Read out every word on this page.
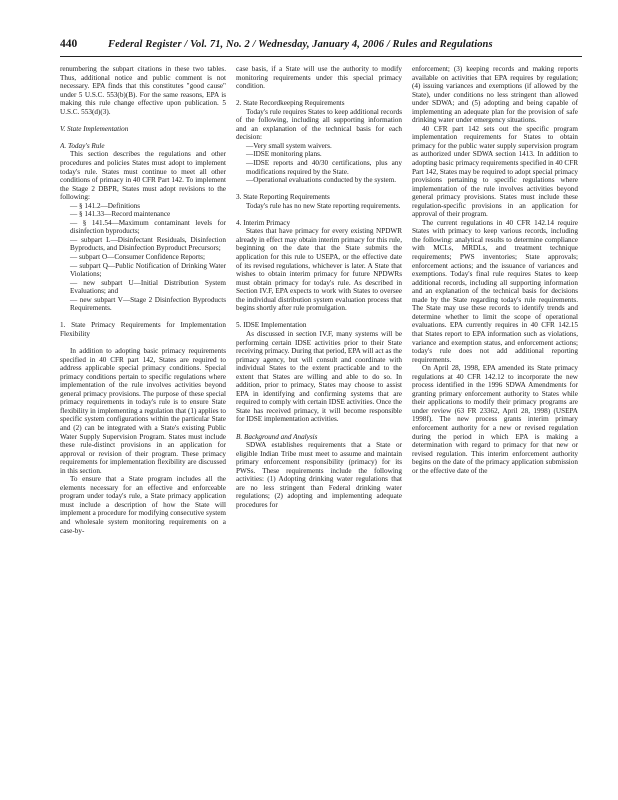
440	Federal Register / Vol. 71, No. 2 / Wednesday, January 4, 2006 / Rules and Regulations

renumbering the subpart citations in these two tables. Thus, additional notice and public comment is not necessary. EPA finds that this constitutes "good cause" under 5 U.S.C. 553(b)(B). For the same reasons, EPA is making this rule change effective upon publication. 5 U.S.C. 553(d)(3).

V. State Implementation

A. Today's Rule

This section describes the regulations and other procedures and policies States must adopt to implement today's rule. States must continue to meet all other conditions of primacy in 40 CFR Part 142. To implement the Stage 2 DBPR, States must adopt revisions to the following:

— § 141.2—Definitions

— § 141.33—Record maintenance

— § 141.54—Maximum contaminant levels for disinfection byproducts;

— subpart L—Disinfectant Residuals, Disinfection Byproducts, and Disinfection Byproduct Precursors;

— subpart O—Consumer Confidence Reports;

— subpart Q—Public Notification of Drinking Water Violations;

— new subpart U—Initial Distribution System Evaluations; and

— new subpart V—Stage 2 Disinfection Byproducts Requirements.

1. State Primacy Requirements for Implementation Flexibility

In addition to adopting basic primacy requirements specified in 40 CFR part 142, States are required to address applicable special primacy conditions. Special primacy conditions pertain to specific regulations where implementation of the rule involves activities beyond general primacy provisions. The purpose of these special primacy requirements in today's rule is to ensure State flexibility in implementing a regulation that (1) applies to specific system configurations within the particular State and (2) can be integrated with a State's existing Public Water Supply Supervision Program. States must include these rule-distinct provisions in an application for approval or revision of their program. These primacy requirements for implementation flexibility are discussed in this section.

To ensure that a State program includes all the elements necessary for an effective and enforceable program under today's rule, a State primacy application must include a description of how the State will implement a procedure for modifying consecutive system and wholesale system monitoring requirements on a case-by-

case basis, if a State will use the authority to modify monitoring requirements under this special primacy condition.

2. State Recordkeeping Requirements

Today's rule requires States to keep additional records of the following, including all supporting information and an explanation of the technical basis for each decision:

—Very small system waivers.

—IDSE monitoring plans.

—IDSE reports and 40/30 certifications, plus any modifications required by the State.

—Operational evaluations conducted by the system.

3. State Reporting Requirements

Today's rule has no new State reporting requirements.

4. Interim Primacy

States that have primacy for every existing NPDWR already in effect may obtain interim primacy for this rule, beginning on the date that the State submits the application for this rule to USEPA, or the effective date of its revised regulations, whichever is later. A State that wishes to obtain interim primacy for future NPDWRs must obtain primacy for today's rule. As described in Section IV.F, EPA expects to work with States to oversee the individual distribution system evaluation process that begins shortly after rule promulgation.

5. IDSE Implementation

As discussed in section IV.F, many systems will be performing certain IDSE activities prior to their State receiving primacy. During that period, EPA will act as the primacy agency, but will consult and coordinate with individual States to the extent practicable and to the extent that States are willing and able to do so. In addition, prior to primacy, States may choose to assist EPA in identifying and confirming systems that are required to comply with certain IDSE activities. Once the State has received primacy, it will become responsible for IDSE implementation activities.

B. Background and Analysis

SDWA establishes requirements that a State or eligible Indian Tribe must meet to assume and maintain primary enforcement responsibility (primacy) for its PWSs. These requirements include the following activities: (1) Adopting drinking water regulations that are no less stringent than Federal drinking water regulations; (2) adopting and implementing adequate procedures for

enforcement; (3) keeping records and making reports available on activities that EPA requires by regulation; (4) issuing variances and exemptions (if allowed by the State), under conditions no less stringent than allowed under SDWA; and (5) adopting and being capable of implementing an adequate plan for the provision of safe drinking water under emergency situations.

40 CFR part 142 sets out the specific program implementation requirements for States to obtain primacy for the public water supply supervision program as authorized under SDWA section 1413. In addition to adopting basic primacy requirements specified in 40 CFR Part 142, States may be required to adopt special primacy provisions pertaining to specific regulations where implementation of the rule involves activities beyond general primacy provisions. States must include these regulation-specific provisions in an application for approval of their program.

The current regulations in 40 CFR 142.14 require States with primacy to keep various records, including the following: analytical results to determine compliance with MCLs, MRDLs, and treatment technique requirements; PWS inventories; State approvals; enforcement actions; and the issuance of variances and exemptions. Today's final rule requires States to keep additional records, including all supporting information and an explanation of the technical basis for decisions made by the State regarding today's rule requirements. The State may use these records to identify trends and determine whether to limit the scope of operational evaluations. EPA currently requires in 40 CFR 142.15 that States report to EPA information such as violations, variance and exemption status, and enforcement actions; today's rule does not add additional reporting requirements.

On April 28, 1998, EPA amended its State primacy regulations at 40 CFR 142.12 to incorporate the new process identified in the 1996 SDWA Amendments for granting primary enforcement authority to States while their applications to modify their primacy programs are under review (63 FR 23362, April 28, 1998) (USEPA 1998f). The new process grants interim primary enforcement authority for a new or revised regulation during the period in which EPA is making a determination with regard to primacy for that new or revised regulation. This interim enforcement authority begins on the date of the primacy application submission or the effective date of the
